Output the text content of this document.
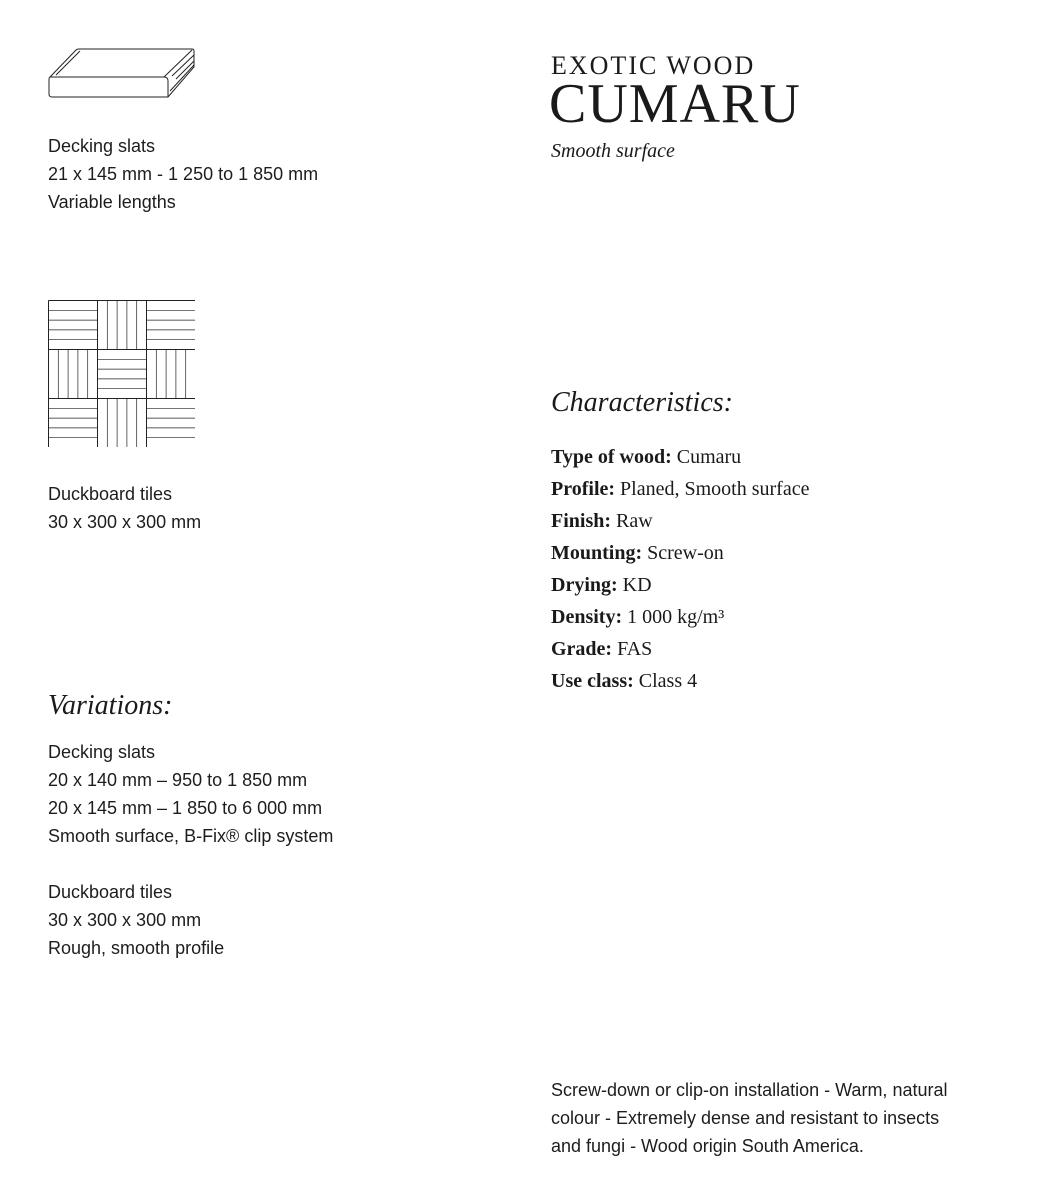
Decking slats
21 x 145 mm - 1 250 to 1 850 mm
Variable lengths
Duckboard tiles
30 x 300 x 300 mm
EXOTIC WOOD
CUMARU
Smooth surface
Characteristics:
Type of wood: Cumaru
Profile: Planed, Smooth surface
Finish: Raw
Mounting: Screw-on
Drying: KD
Density: 1 000 kg/m³
Grade: FAS
Use class: Class 4
Variations:
Decking slats
20 x 140 mm – 950 to 1 850 mm
20 x 145 mm – 1 850 to 6 000 mm
Smooth surface, B-Fix® clip system
Duckboard tiles
30 x 300 x 300 mm
Rough, smooth profile
Screw-down or clip-on installation - Warm, natural
colour - Extremely dense and resistant to insects
and fungi - Wood origin South America.
